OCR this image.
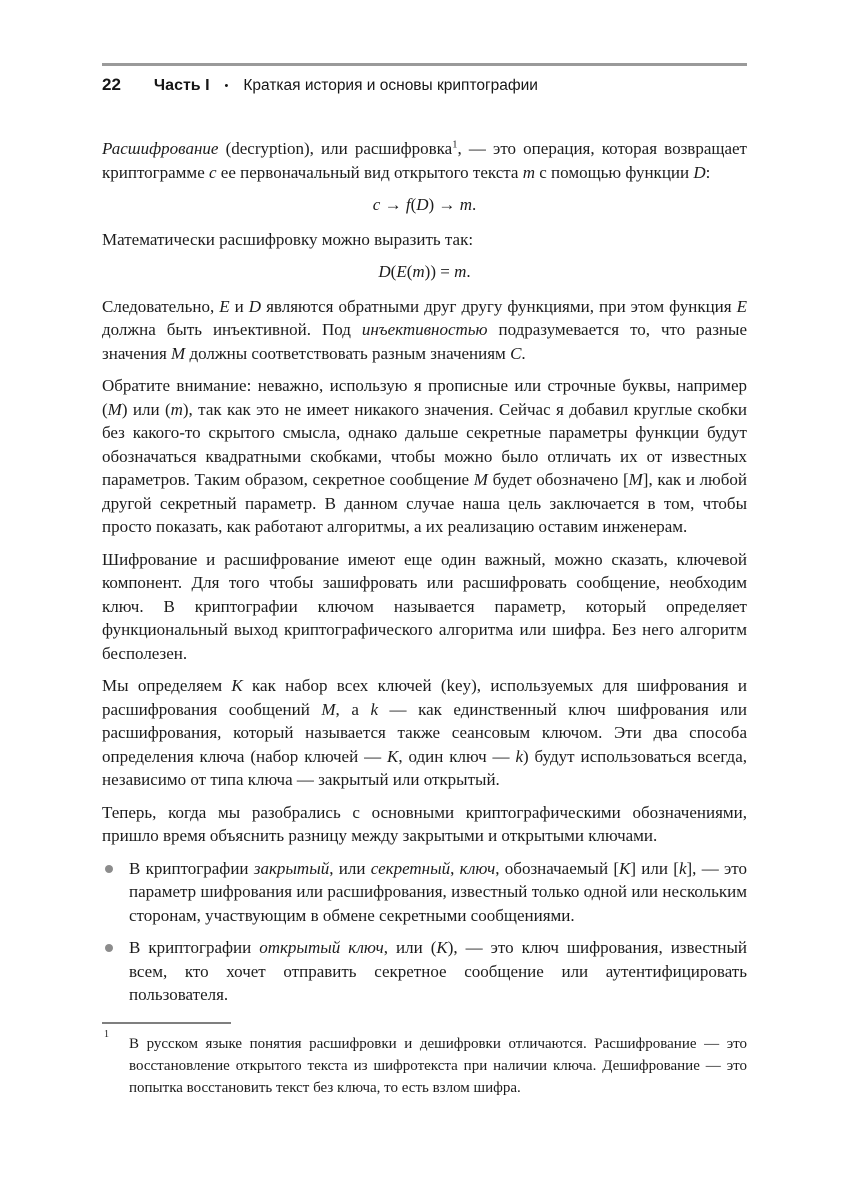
22 Часть I • Краткая история и основы криптографии

Расшифрование (decryption), или расшифровка$^1$, — это операция, которая возвращает криптограмме c ее первоначальный вид открытого текста m с помощью функции D:

c → f(D) → m.

Математически расшифровку можно выразить так:

D(E(m)) = m.

Следовательно, E и D являются обратными друг другу функциями, при этом функция E должна быть инъективной. Под инъективностью подразумевается то, что разные значения M должны соответствовать разным значениям C.

Обратите внимание: неважно, использую я прописные или строчные буквы, например (M) или (m), так как это не имеет никакого значения. Сейчас я добавил круглые скобки без какого-то скрытого смысла, однако дальше секретные параметры функции будут обозначаться квадратными скобками, чтобы можно было отличать их от известных параметров. Таким образом, секретное сообщение M будет обозначено [M], как и любой другой секретный параметр. В данном случае наша цель заключается в том, чтобы просто показать, как работают алгоритмы, а их реализацию оставим инженерам.

Шифрование и расшифрование имеют еще один важный, можно сказать, ключевой компонент. Для того чтобы зашифровать или расшифровать сообщение, необходим ключ. В криптографии ключом называется параметр, который определяет функциональный выход криптографического алгоритма или шифра. Без него алгоритм бесполезен.

Мы определяем K как набор всех ключей (key), используемых для шифрования и расшифрования сообщений M, а k — как единственный ключ шифрования или расшифрования, который называется также сеансовым ключом. Эти два способа определения ключа (набор ключей — K, один ключ — k) будут использоваться всегда, независимо от типа ключа — закрытый или открытый.

Теперь, когда мы разобрались с основными криптографическими обозначениями, пришло время объяснить разницу между закрытыми и открытыми ключами.

В криптографии закрытый, или секретный, ключ, обозначаемый [K] или [k], — это параметр шифрования или расшифрования, известный только одной или нескольким сторонам, участвующим в обмене секретными сообщениями.
В криптографии открытый ключ, или (K), — это ключ шифрования, известный всем, кто хочет отправить секретное сообщение или аутентифицировать пользователя.
1
В русском языке понятия расшифровки и дешифровки отличаются. Расшифрование — это восстановление открытого текста из шифротекста при наличии ключа. Дешифрование — это попытка восстановить текст без ключа, то есть взлом шифра.
